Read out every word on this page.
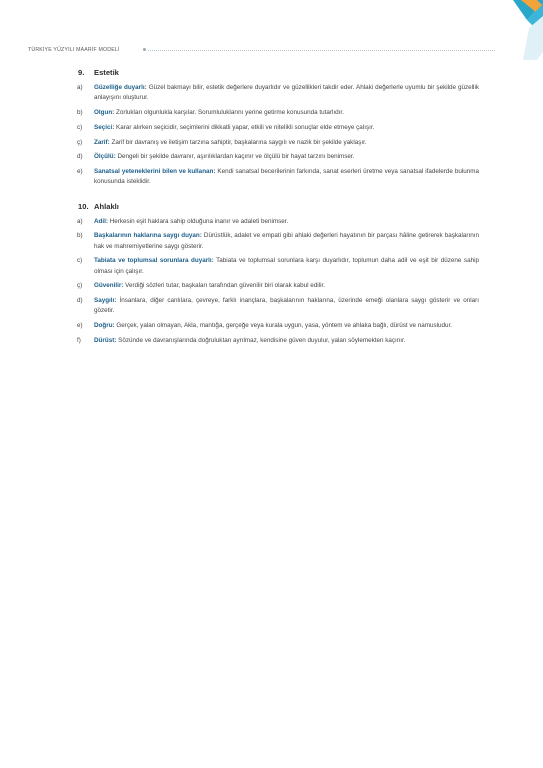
TÜRKİYE YÜZYILI MAARİF MODELİ
9. Estetik
a)	Güzelliğe duyarlı: Güzel bakmayı bilir, estetik değerlere duyarlıdır ve güzellikleri takdir eder. Ahlaki değerlerle uyumlu bir şekilde güzellik anlayışını oluşturur.
b)	Olgun: Zorlukları olgunlukla karşılar. Sorumluluklarını yerine getirme konusunda tutarlıdır.
c)	Seçici: Karar alırken seçicidir, seçimlerini dikkatli yapar, etkili ve nitelikli sonuçlar elde etmeye çalışır.
ç)	Zarif: Zarif bir davranış ve iletişim tarzına sahiptir, başkalarına saygılı ve nazik bir şekilde yaklaşır.
d)	Ölçülü: Dengeli bir şekilde davranır, aşırılıklardan kaçınır ve ölçülü bir hayat tarzını benimser.
e)	Sanatsal yeteneklerini bilen ve kullanan: Kendi sanatsal becerilerinin farkında, sanat eserleri üretme veya sanatsal ifadelerde bulunma konusunda isteklidir.
10. Ahlaklı
a)	Adil: Herkesin eşit haklara sahip olduğuna inanır ve adaleti benimser.
b)	Başkalarının haklarına saygı duyan: Dürüstlük, adalet ve empati gibi ahlaki değerleri hayatının bir parçası hâline getirerek başkalarının hak ve mahremiyetlerine saygı gösterir.
c)	Tabiata ve toplumsal sorunlara duyarlı: Tabiata ve toplumsal sorunlara karşı duyarlıdır, toplumun daha adil ve eşit bir düzene sahip olması için çalışır.
ç)	Güvenilir: Verdiği sözleri tutar, başkaları tarafından güvenilir biri olarak kabul edilir.
d)	Saygılı: İnsanlara, diğer canlılara, çevreye, farklı inançlara, başkalarının haklarına, üzerinde emeği olanlara saygı gösterir ve onları gözetir.
e)	Doğru: Gerçek, yalan olmayan, Akla, mantığa, gerçeğe veya kurala uygun, yasa, yöntem ve ahlaka bağlı, dürüst ve namusludur.
f)	Dürüst: Sözünde ve davranışlarında doğruluktan ayrılmaz, kendisine güven duyulur, yalan söylemekten kaçınır.
